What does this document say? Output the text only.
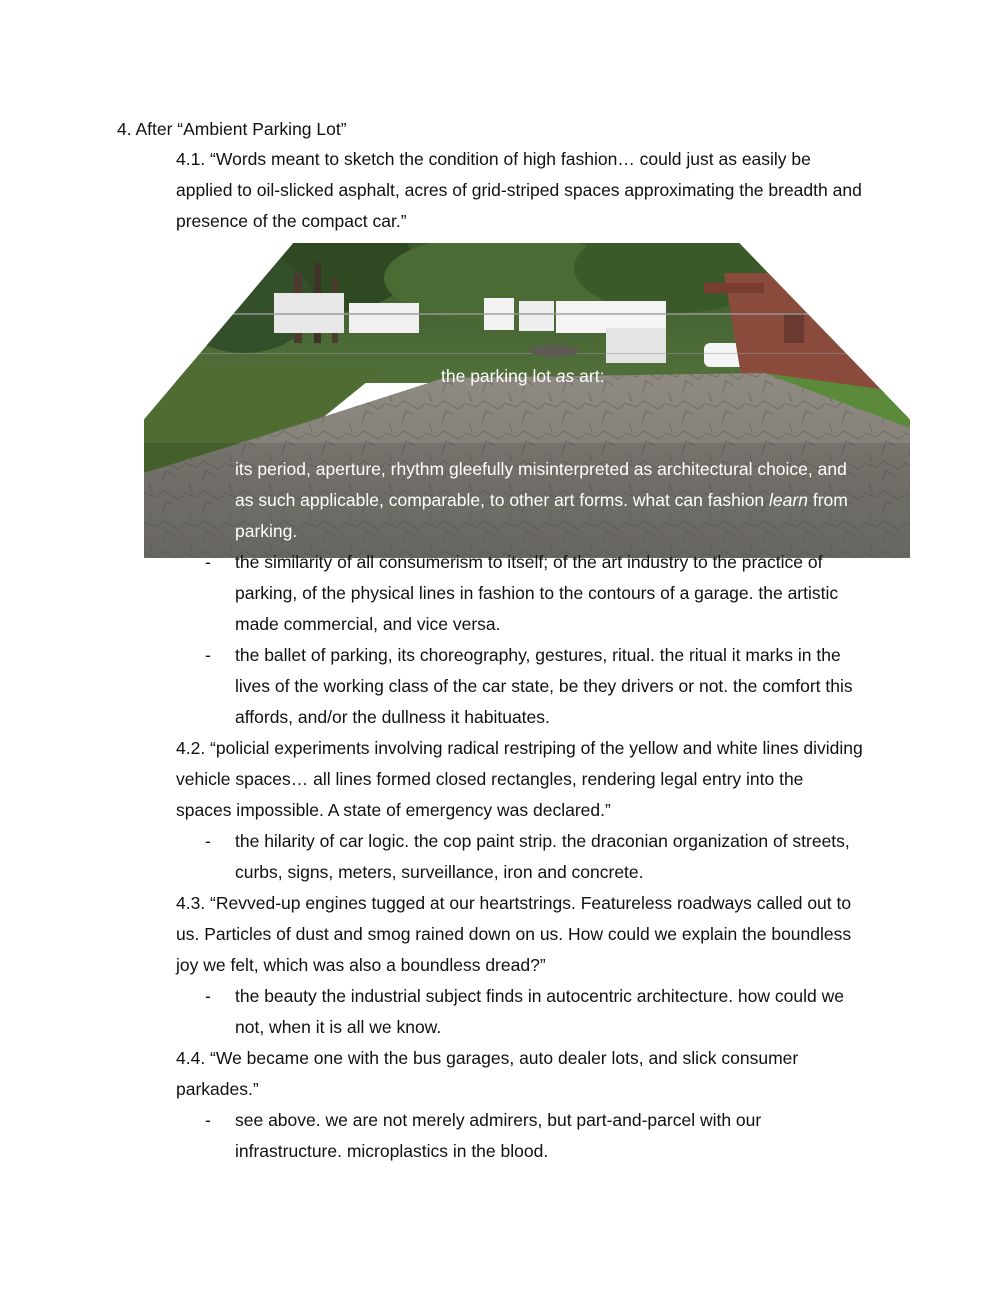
4. After “Ambient Parking Lot”

4.1. “Words meant to sketch the condition of high fashion… could just as easily be

applied to oil-slicked asphalt, acres of grid-striped spaces approximating the breadth and

presence of the compact car.”

the parking lot as art:

its period, aperture, rhythm gleefully misinterpreted as architectural choice, and

as such applicable, comparable, to other art forms. what can fashion learn from

parking.

- the similarity of all consumerism to itself; of the art industry to the practice of

parking, of the physical lines in fashion to the contours of a garage. the artistic

made commercial, and vice versa.

- the ballet of parking, its choreography, gestures, ritual. the ritual it marks in the

lives of the working class of the car state, be they drivers or not. the comfort this

affords, and/or the dullness it habituates.

4.2. “policial experiments involving radical restriping of the yellow and white lines dividing

vehicle spaces… all lines formed closed rectangles, rendering legal entry into the

spaces impossible. A state of emergency was declared.”

- the hilarity of car logic. the cop paint strip. the draconian organization of streets,

curbs, signs, meters, surveillance, iron and concrete.

4.3. “Revved-up engines tugged at our heartstrings. Featureless roadways called out to

us. Particles of dust and smog rained down on us. How could we explain the boundless

joy we felt, which was also a boundless dread?”

- the beauty the industrial subject finds in autocentric architecture. how could we

not, when it is all we know.

4.4. “We became one with the bus garages, auto dealer lots, and slick consumer

parkades.”

- see above. we are not merely admirers, but part-and-parcel with our

infrastructure. microplastics in the blood.
